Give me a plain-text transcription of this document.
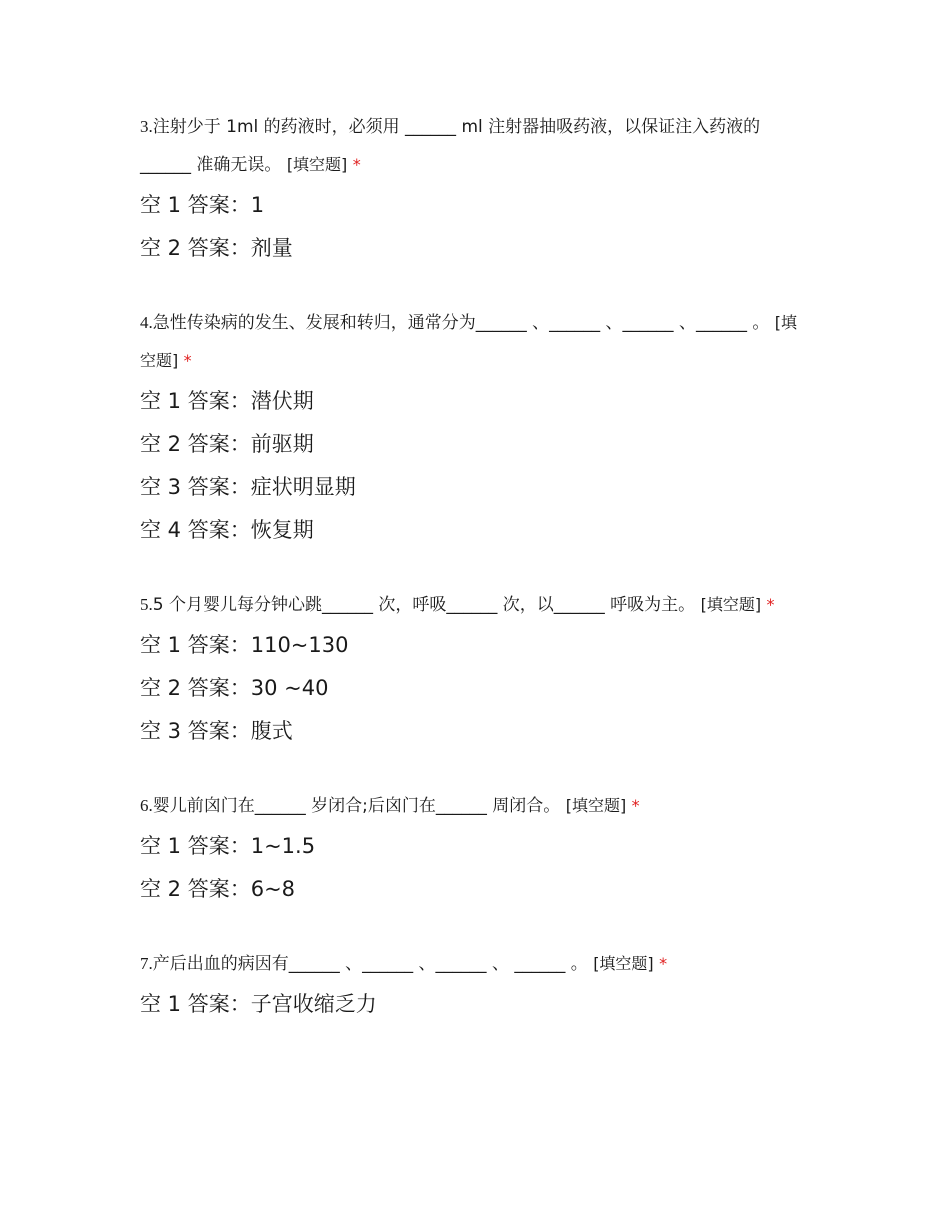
3.注射少于 1ml 的药液时，必须用 ______ ml 注射器抽吸药液，以保证注入药液的 ______ 准确无误。 [填空题] *

空 1 答案：1

空 2 答案：剂量

4.急性传染病的发生、发展和转归，通常分为______ 、______ 、______ 、______ 。 [填空题] *

空 1 答案：潜伏期

空 2 答案：前驱期

空 3 答案：症状明显期

空 4 答案：恢复期

5.5 个月婴儿每分钟心跳______ 次，呼吸______ 次，以______ 呼吸为主。 [填空题] *

空 1 答案：110~130

空 2 答案：30 ~40

空 3 答案：腹式

6.婴儿前囟门在______ 岁闭合;后囟门在______ 周闭合。 [填空题] *

空 1 答案：1~1.5

空 2 答案：6~8

7.产后出血的病因有______ 、______ 、______ 、 ______ 。 [填空题] *

空 1 答案：子宫收缩乏力
